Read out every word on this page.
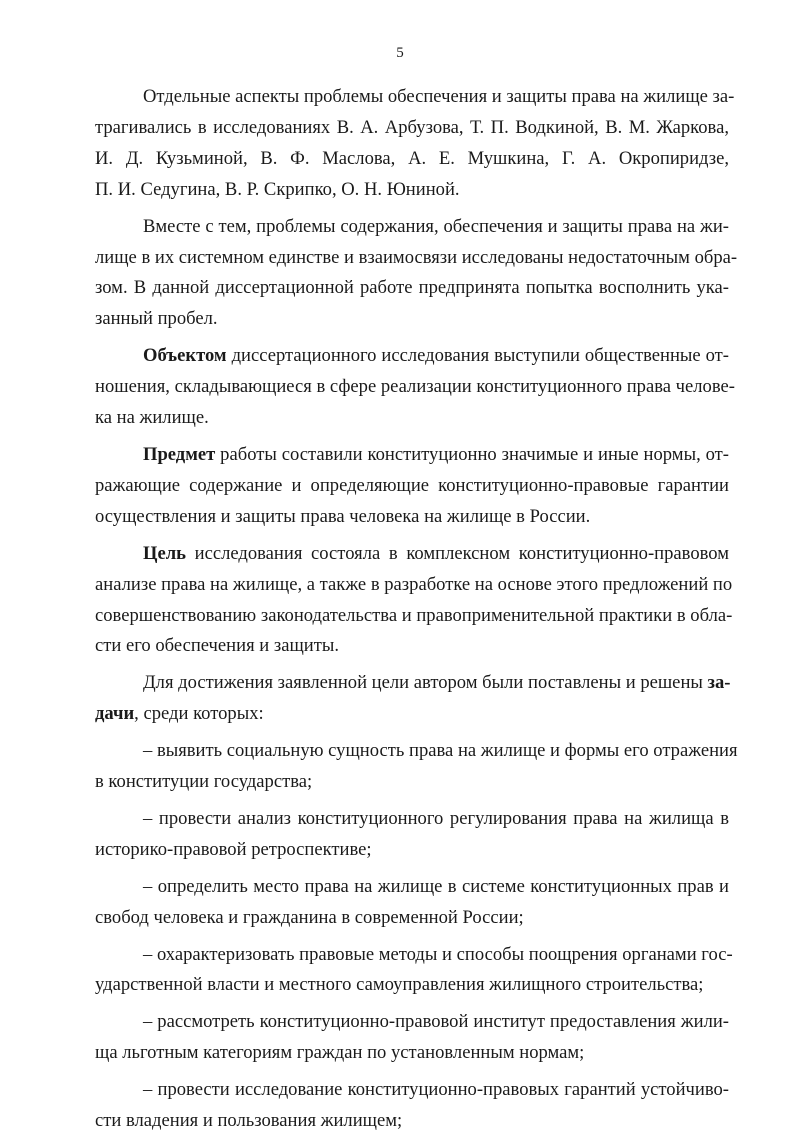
5
Отдельные аспекты проблемы обеспечения и защиты права на жилище за-
трагивались в исследованиях В. А. Арбузова, Т. П. Водкиной, В. М. Жаркова,
И. Д. Кузьминой, В. Ф. Маслова, А. Е. Мушкина, Г. А. Окропиридзе,
П. И. Седугина, В. Р. Скрипко, О. Н. Юниной.
Вместе с тем, проблемы содержания, обеспечения и защиты права на жи-
лище в их системном единстве и взаимосвязи исследованы недостаточным обра-
зом. В данной диссертационной работе предпринята попытка восполнить ука-
занный пробел.
Объектом диссертационного исследования выступили общественные от-
ношения, складывающиеся в сфере реализации конституционного права челове-
ка на жилище.
Предмет работы составили конституционно значимые и иные нормы, от-
ражающие содержание и определяющие конституционно-правовые гарантии
осуществления и защиты права человека на жилище в России.
Цель исследования состояла в комплексном конституционно-правовом
анализе права на жилище, а также в разработке на основе этого предложений по
совершенствованию законодательства и правоприменительной практики в обла-
сти его обеспечения и защиты.
Для достижения заявленной цели автором были поставлены и решены за-
дачи, среди которых:
– выявить социальную сущность права на жилище и формы его отражения
в конституции государства;
– провести анализ конституционного регулирования права на жилища в
историко-правовой ретроспективе;
– определить место права на жилище в системе конституционных прав и
свобод человека и гражданина в современной России;
– охарактеризовать правовые методы и способы поощрения органами гос-
ударственной власти и местного самоуправления жилищного строительства;
– рассмотреть конституционно-правовой институт предоставления жили-
ща льготным категориям граждан по установленным нормам;
– провести исследование конституционно-правовых гарантий устойчиво-
сти владения и пользования жилищем;
